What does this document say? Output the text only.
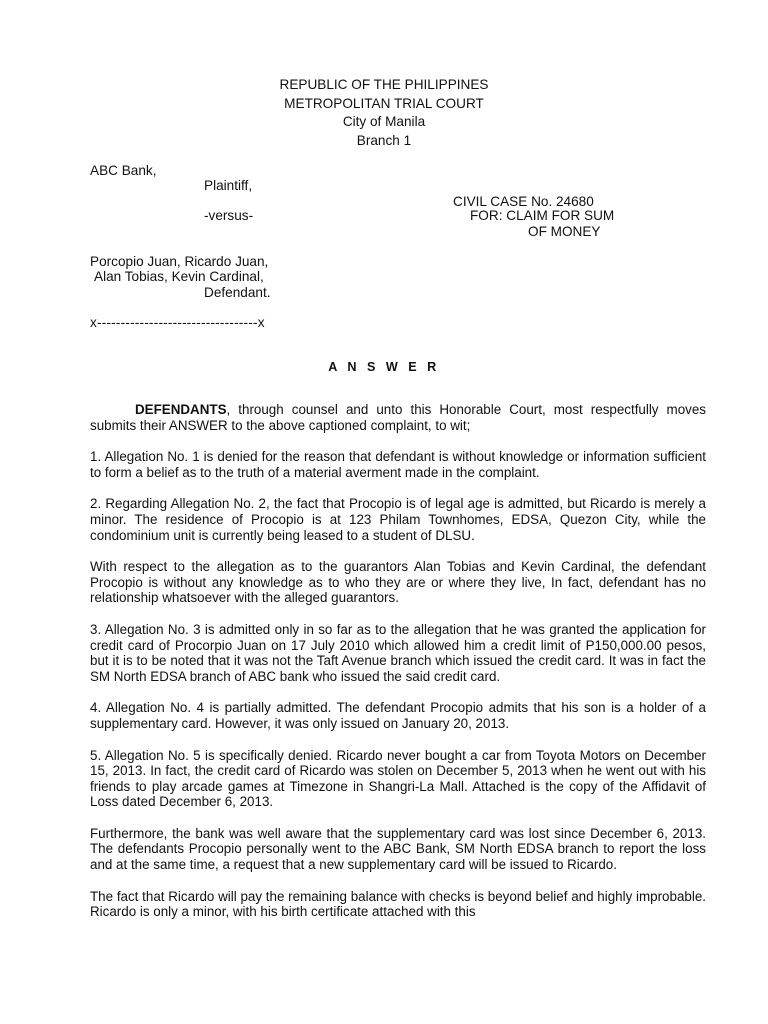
REPUBLIC OF THE PHILIPPINES
METROPOLITAN TRIAL COURT
City of Manila
Branch 1
ABC Bank,
Plaintiff,
CIVIL CASE No. 24680
-versus-	FOR: CLAIM FOR SUM
OF MONEY
Porcopio Juan, Ricardo Juan,
Alan Tobias, Kevin Cardinal,
Defendant.
x----------------------------------x
A N S W E R

DEFENDANTS, through counsel and unto this Honorable Court, most respectfully moves submits their ANSWER to the above captioned complaint, to wit;

1. Allegation No. 1 is denied for the reason that defendant is without knowledge or information sufficient to form a belief as to the truth of a material averment made in the complaint.

2. Regarding Allegation No. 2, the fact that Procopio is of legal age is admitted, but Ricardo is merely a minor. The residence of Procopio is at 123 Philam Townhomes, EDSA, Quezon City, while the condominium unit is currently being leased to a student of DLSU.

With respect to the allegation as to the guarantors Alan Tobias and Kevin Cardinal, the defendant Procopio is without any knowledge as to who they are or where they live, In fact, defendant has no relationship whatsoever with the alleged guarantors.

3. Allegation No. 3 is admitted only in so far as to the allegation that he was granted the application for credit card of Procorpio Juan on 17 July 2010 which allowed him a credit limit of P150,000.00 pesos, but it is to be noted that it was not the Taft Avenue branch which issued the credit card. It was in fact the SM North EDSA branch of ABC bank who issued the said credit card.

4. Allegation No. 4 is partially admitted. The defendant Procopio admits that his son is a holder of a supplementary card. However, it was only issued on January 20, 2013.

5. Allegation No. 5 is specifically denied. Ricardo never bought a car from Toyota Motors on December 15, 2013. In fact, the credit card of Ricardo was stolen on December 5, 2013 when he went out with his friends to play arcade games at Timezone in Shangri-La Mall. Attached is the copy of the Affidavit of Loss dated December 6, 2013.

Furthermore, the bank was well aware that the supplementary card was lost since December 6, 2013. The defendants Procopio personally went to the ABC Bank, SM North EDSA branch to report the loss and at the same time, a request that a new supplementary card will be issued to Ricardo.

The fact that Ricardo will pay the remaining balance with checks is beyond belief and highly improbable. Ricardo is only a minor, with his birth certificate attached with this
